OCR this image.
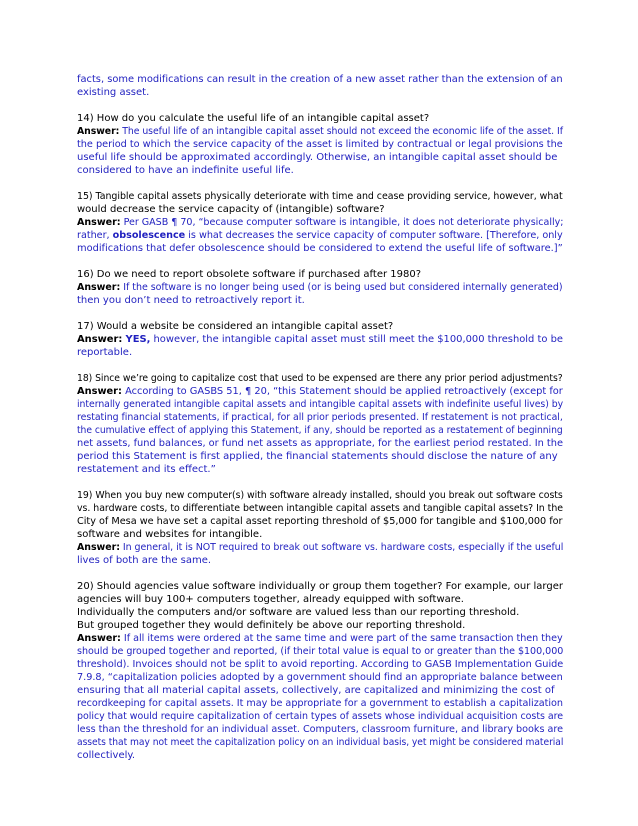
facts, some modifications can result in the creation of a new asset rather than the extension of an
existing asset.
14) How do you calculate the useful life of an intangible capital asset?
Answer: The useful life of an intangible capital asset should not exceed the economic life of the asset. If
the period to which the service capacity of the asset is limited by contractual or legal provisions the
useful life should be approximated accordingly. Otherwise, an intangible capital asset should be
considered to have an indefinite useful life.
15) Tangible capital assets physically deteriorate with time and cease providing service, however, what
would decrease the service capacity of (intangible) software?
Answer: Per GASB ¶ 70, “because computer software is intangible, it does not deteriorate physically;
rather, obsolescence is what decreases the service capacity of computer software. [Therefore, only
modifications that defer obsolescence should be considered to extend the useful life of software.]”
16) Do we need to report obsolete software if purchased after 1980?
Answer: If the software is no longer being used (or is being used but considered internally generated)
then you don’t need to retroactively report it.
17) Would a website be considered an intangible capital asset?
Answer: YES, however, the intangible capital asset must still meet the $100,000 threshold to be
reportable.
18) Since we’re going to capitalize cost that used to be expensed are there any prior period adjustments?
Answer: According to GASBS 51, ¶ 20, “this Statement should be applied retroactively (except for
internally generated intangible capital assets and intangible capital assets with indefinite useful lives) by
restating financial statements, if practical, for all prior periods presented. If restatement is not practical,
the cumulative effect of applying this Statement, if any, should be reported as a restatement of beginning
net assets, fund balances, or fund net assets as appropriate, for the earliest period restated. In the
period this Statement is first applied, the financial statements should disclose the nature of any
restatement and its effect.”
19) When you buy new computer(s) with software already installed, should you break out software costs
vs. hardware costs, to differentiate between intangible capital assets and tangible capital assets? In the
City of Mesa we have set a capital asset reporting threshold of $5,000 for tangible and $100,000 for
software and websites for intangible.
Answer: In general, it is NOT required to break out software vs. hardware costs, especially if the useful
lives of both are the same.
20) Should agencies value software individually or group them together? For example, our larger
agencies will buy 100+ computers together, already equipped with software.
Individually the computers and/or software are valued less than our reporting threshold.
But grouped together they would definitely be above our reporting threshold.
Answer: If all items were ordered at the same time and were part of the same transaction then they
should be grouped together and reported, (if their total value is equal to or greater than the $100,000
threshold). Invoices should not be split to avoid reporting. According to GASB Implementation Guide
7.9.8, “capitalization policies adopted by a government should find an appropriate balance between
ensuring that all material capital assets, collectively, are capitalized and minimizing the cost of
recordkeeping for capital assets. It may be appropriate for a government to establish a capitalization
policy that would require capitalization of certain types of assets whose individual acquisition costs are
less than the threshold for an individual asset. Computers, classroom furniture, and library books are
assets that may not meet the capitalization policy on an individual basis, yet might be considered material
collectively.
